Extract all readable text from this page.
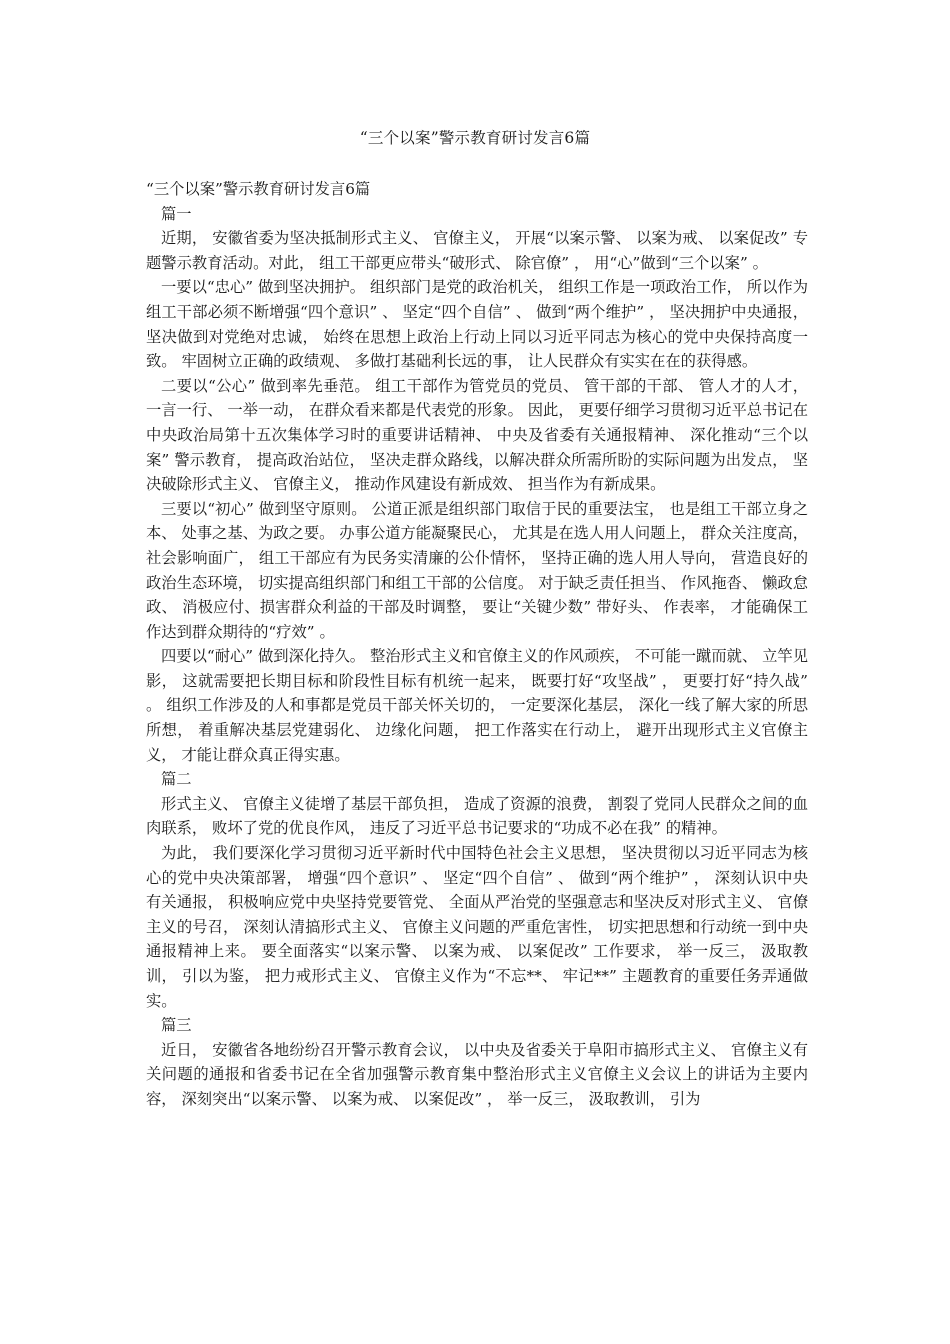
“三个以案”警示教育研讨发言6篇
“三个以案”警示教育研讨发言6篇
篇一
近期， 安徽省委为坚决抵制形式主义、 官僚主义， 开展“以案示警、 以案为戒、 以案促改” 专题警示教育活动。对此， 组工干部更应带头“破形式、 除官僚” ， 用“心”做到“三个以案” 。
一要以“忠心” 做到坚决拥护。 组织部门是党的政治机关， 组织工作是一项政治工作， 所以作为组工干部必须不断增强“四个意识” 、 坚定“四个自信” 、 做到“两个维护” ， 坚决拥护中央通报， 坚决做到对党绝对忠诚， 始终在思想上政治上行动上同以习近平同志为核心的党中央保持高度一致。 牢固树立正确的政绩观、 多做打基础利长远的事， 让人民群众有实实在在的获得感。
二要以“公心” 做到率先垂范。 组工干部作为管党员的党员、 管干部的干部、 管人才的人才， 一言一行、 一举一动， 在群众看来都是代表党的形象。 因此， 更要仔细学习贯彻习近平总书记在中央政治局第十五次集体学习时的重要讲话精神、 中央及省委有关通报精神、 深化推动“三个以案” 警示教育， 提高政治站位， 坚决走群众路线，以解决群众所需所盼的实际问题为出发点， 坚决破除形式主义、 官僚主义， 推动作风建设有新成效、 担当作为有新成果。
三要以“初心” 做到坚守原则。 公道正派是组织部门取信于民的重要法宝， 也是组工干部立身之本、 处事之基、为政之要。 办事公道方能凝聚民心， 尤其是在选人用人问题上， 群众关注度高， 社会影响面广， 组工干部应有为民务实清廉的公仆情怀， 坚持正确的选人用人导向， 营造良好的政治生态环境， 切实提高组织部门和组工干部的公信度。 对于缺乏责任担当、 作风拖沓、 懒政怠政、 消极应付、损害群众利益的干部及时调整， 要让“关键少数” 带好头、 作表率， 才能确保工作达到群众期待的“疗效” 。
四要以“耐心” 做到深化持久。 整治形式主义和官僚主义的作风顽疾， 不可能一蹴而就、 立竿见影， 这就需要把长期目标和阶段性目标有机统一起来， 既要打好“攻坚战” ， 更要打好“持久战” 。 组织工作涉及的人和事都是党员干部关怀关切的， 一定要深化基层， 深化一线了解大家的所思所想， 着重解决基层党建弱化、 边缘化问题， 把工作落实在行动上， 避开出现形式主义官僚主义， 才能让群众真正得实惠。
篇二
形式主义、 官僚主义徒增了基层干部负担， 造成了资源的浪费， 割裂了党同人民群众之间的血肉联系， 败坏了党的优良作风， 违反了习近平总书记要求的“功成不必在我” 的精神。
为此， 我们要深化学习贯彻习近平新时代中国特色社会主义思想， 坚决贯彻以习近平同志为核心的党中央决策部署， 增强“四个意识” 、 坚定“四个自信” 、 做到“两个维护” ， 深刻认识中央有关通报， 积极响应党中央坚持党要管党、 全面从严治党的坚强意志和坚决反对形式主义、 官僚主义的号召， 深刻认清搞形式主义、 官僚主义问题的严重危害性， 切实把思想和行动统一到中央通报精神上来。 要全面落实“以案示警、 以案为戒、 以案促改” 工作要求， 举一反三， 汲取教训， 引以为鉴， 把力戒形式主义、 官僚主义作为“不忘**、 牢记**” 主题教育的重要任务弄通做实。
篇三
近日， 安徽省各地纷纷召开警示教育会议， 以中央及省委关于阜阳市搞形式主义、 官僚主义有关问题的通报和省委书记在全省加强警示教育集中整治形式主义官僚主义会议上的讲话为主要内容， 深刻突出“以案示警、 以案为戒、 以案促改” ， 举一反三， 汲取教训， 引为
